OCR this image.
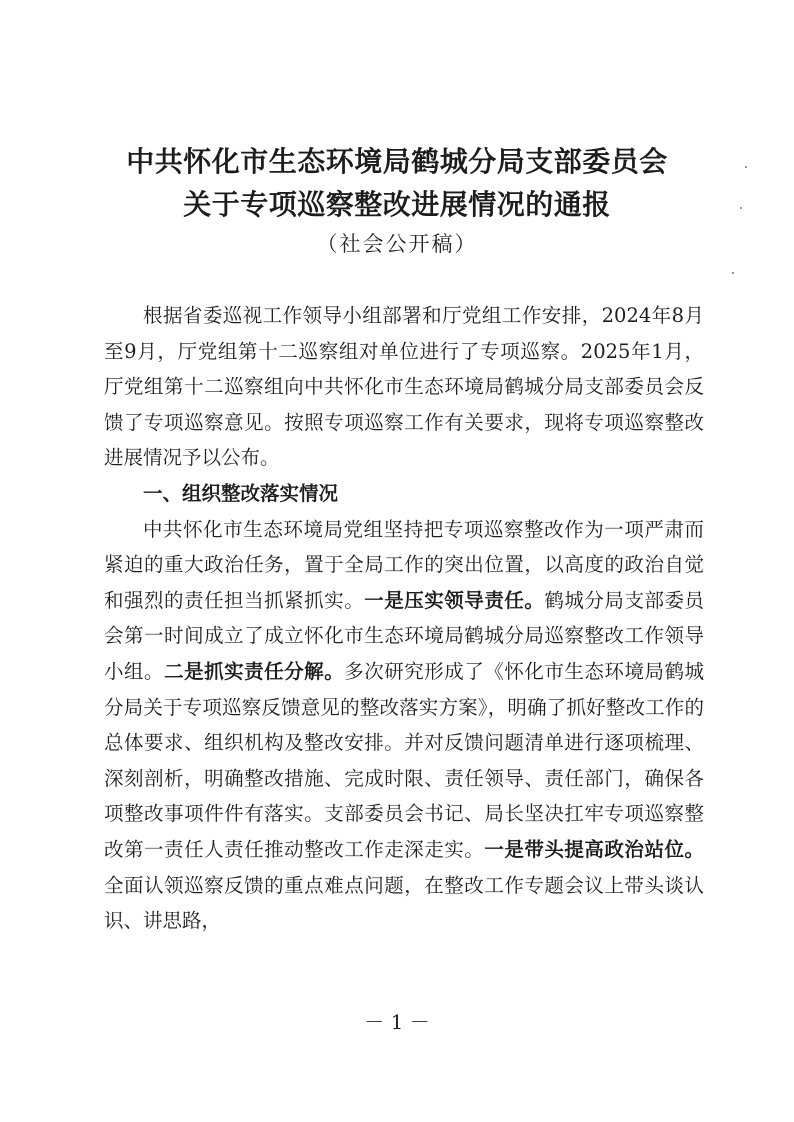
中共怀化市生态环境局鹤城分局支部委员会
关于专项巡察整改进展情况的通报
（社会公开稿）

根据省委巡视工作领导小组部署和厅党组工作安排，2024年8月至9月，厅党组第十二巡察组对单位进行了专项巡察。2025年1月，厅党组第十二巡察组向中共怀化市生态环境局鹤城分局支部委员会反馈了专项巡察意见。按照专项巡察工作有关要求，现将专项巡察整改进展情况予以公布。

一、组织整改落实情况

中共怀化市生态环境局党组坚持把专项巡察整改作为一项严肃而紧迫的重大政治任务，置于全局工作的突出位置，以高度的政治自觉和强烈的责任担当抓紧抓实。一是压实领导责任。鹤城分局支部委员会第一时间成立了成立怀化市生态环境局鹤城分局巡察整改工作领导小组。二是抓实责任分解。多次研究形成了《怀化市生态环境局鹤城分局关于专项巡察反馈意见的整改落实方案》，明确了抓好整改工作的总体要求、组织机构及整改安排。并对反馈问题清单进行逐项梳理、深刻剖析，明确整改措施、完成时限、责任领导、责任部门，确保各项整改事项件件有落实。支部委员会书记、局长坚决扛牢专项巡察整改第一责任人责任推动整改工作走深走实。一是带头提高政治站位。全面认领巡察反馈的重点难点问题，在整改工作专题会议上带头谈认识、讲思路，

－ 1 －
